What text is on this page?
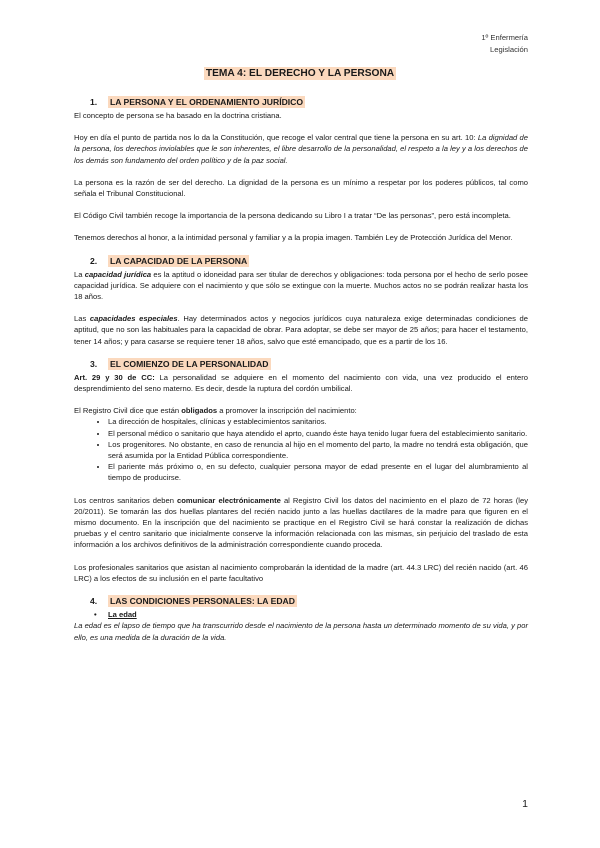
1º Enfermería
Legislación
TEMA 4: EL DERECHO Y LA PERSONA
1. LA PERSONA Y EL ORDENAMIENTO JURÍDICO

El concepto de persona se ha basado en la doctrina cristiana.

Hoy en día el punto de partida nos lo da la Constitución, que recoge el valor central que tiene la persona en su art. 10: La dignidad de la persona, los derechos inviolables que le son inherentes, el libre desarrollo de la personalidad, el respeto a la ley y a los derechos de los demás son fundamento del orden político y de la paz social.

La persona es la razón de ser del derecho. La dignidad de la persona es un mínimo a respetar por los poderes públicos, tal como señala el Tribunal Constitucional.

El Código Civil también recoge la importancia de la persona dedicando su Libro I a tratar “De las personas”, pero está incompleta.

Tenemos derechos al honor, a la intimidad personal y familiar y a la propia imagen. También Ley de Protección Jurídica del Menor.

2. LA CAPACIDAD DE LA PERSONA

La capacidad jurídica es la aptitud o idoneidad para ser titular de derechos y obligaciones: toda persona por el hecho de serlo posee capacidad jurídica. Se adquiere con el nacimiento y que sólo se extingue con la muerte. Muchos actos no se podrán realizar hasta los 18 años.

Las capacidades especiales. Hay determinados actos y negocios jurídicos cuya naturaleza exige determinadas condiciones de aptitud, que no son las habituales para la capacidad de obrar. Para adoptar, se debe ser mayor de 25 años; para hacer el testamento, tener 14 años; y para casarse se requiere tener 18 años, salvo que esté emancipado, que es a partir de los 16.

3. EL COMIENZO DE LA PERSONALIDAD

Art. 29 y 30 de CC: La personalidad se adquiere en el momento del nacimiento con vida, una vez producido el entero desprendimiento del seno materno. Es decir, desde la ruptura del cordón umbilical.

El Registro Civil dice que están obligados a promover la inscripción del nacimiento:

• La dirección de hospitales, clínicas y establecimientos sanitarios.
• El personal médico o sanitario que haya atendido el aprto, cuando éste haya tenido lugar fuera del establecimiento sanitario.
• Los progenitores. No obstante, en caso de renuncia al hijo en el momento del parto, la madre no tendrá esta obligación, que será asumida por la Entidad Pública correspondiente.
• El pariente más próximo o, en su defecto, cualquier persona mayor de edad presente en el lugar del alumbramiento al tiempo de producirse.

Los centros sanitarios deben comunicar electrónicamente al Registro Civil los datos del nacimiento en el plazo de 72 horas (ley 20/2011). Se tomarán las dos huellas plantares del recién nacido junto a las huellas dactilares de la madre para que figuren en el mismo documento. En la inscripción que del nacimiento se practique en el Registro Civil se hará constar la realización de dichas pruebas y el centro sanitario que inicialmente conserve la información relacionada con las mismas, sin perjuicio del traslado de esta información a los archivos definitivos de la administración correspondiente cuando proceda.

Los profesionales sanitarios que asistan al nacimiento comprobarán la identidad de la madre (art. 44.3 LRC) del recién nacido (art. 46 LRC) a los efectos de su inclusión en el parte facultativo

4. LAS CONDICIONES PERSONALES: LA EDAD
• La edad

La edad es el lapso de tiempo que ha transcurrido desde el nacimiento de la persona hasta un determinado momento de su vida, y por ello, es una medida de la duración de la vida.

1
